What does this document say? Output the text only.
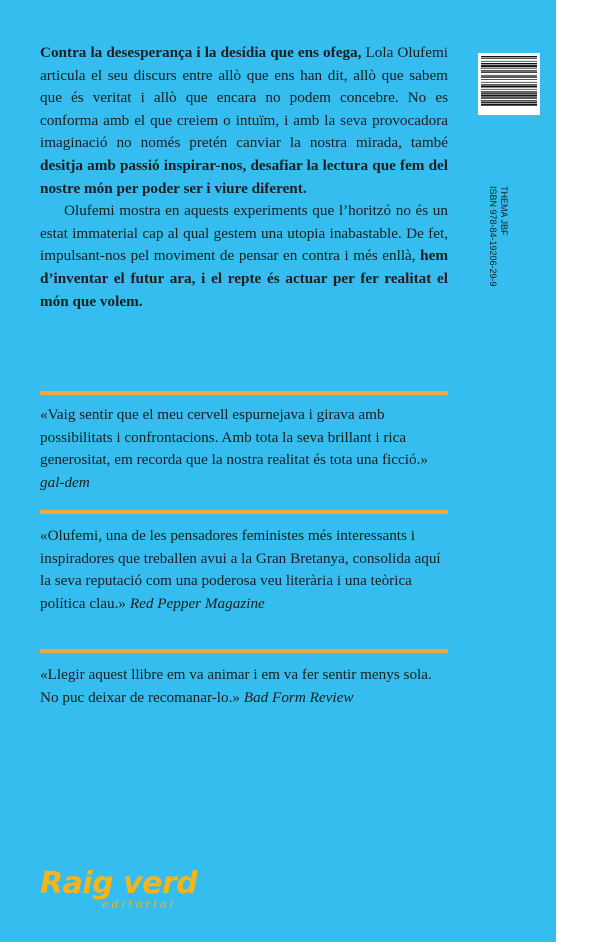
Contra la desesperança i la desídia que ens ofega, Lola Olufemi articula el seu discurs entre allò que ens han dit, allò que sabem que és veritat i allò que encara no podem concebre. No es conforma amb el que creiem o intuïm, i amb la seva provocadora imaginació no només pretén canviar la nostra mirada, també desitja amb passió inspirar-nos, desafiar la lectura que fem del nostre món per poder ser i viure diferent.

Olufemi mostra en aquests experiments que l’horitzó no és un estat immaterial cap al qual gestem una utopia inabastable. De fet, impulsant-nos pel moviment de pensar en contra i més enllà, hem d’inventar el futur ara, i el repte és actuar per fer realitat el món que volem.

ISBN 978-84-19206-29-9 THEMA JBF
«Vaig sentir que el meu cervell espurnejava i girava amb possibilitats i confrontacions. Amb tota la seva brillant i rica generositat, em recorda que la nostra realitat és tota una ficció.» gal-dem
«Olufemi, una de les pensadores feministes més interessants i inspiradores que treballen avui a la Gran Bretanya, consolida aquí la seva reputació com una poderosa veu literària i una teòrica política clau.» Red Pepper Magazine
«Llegir aquest llibre em va animar i em va fer sentir menys sola. No puc deixar de recomanar-lo.» Bad Form Review
Raig verd
editorial
